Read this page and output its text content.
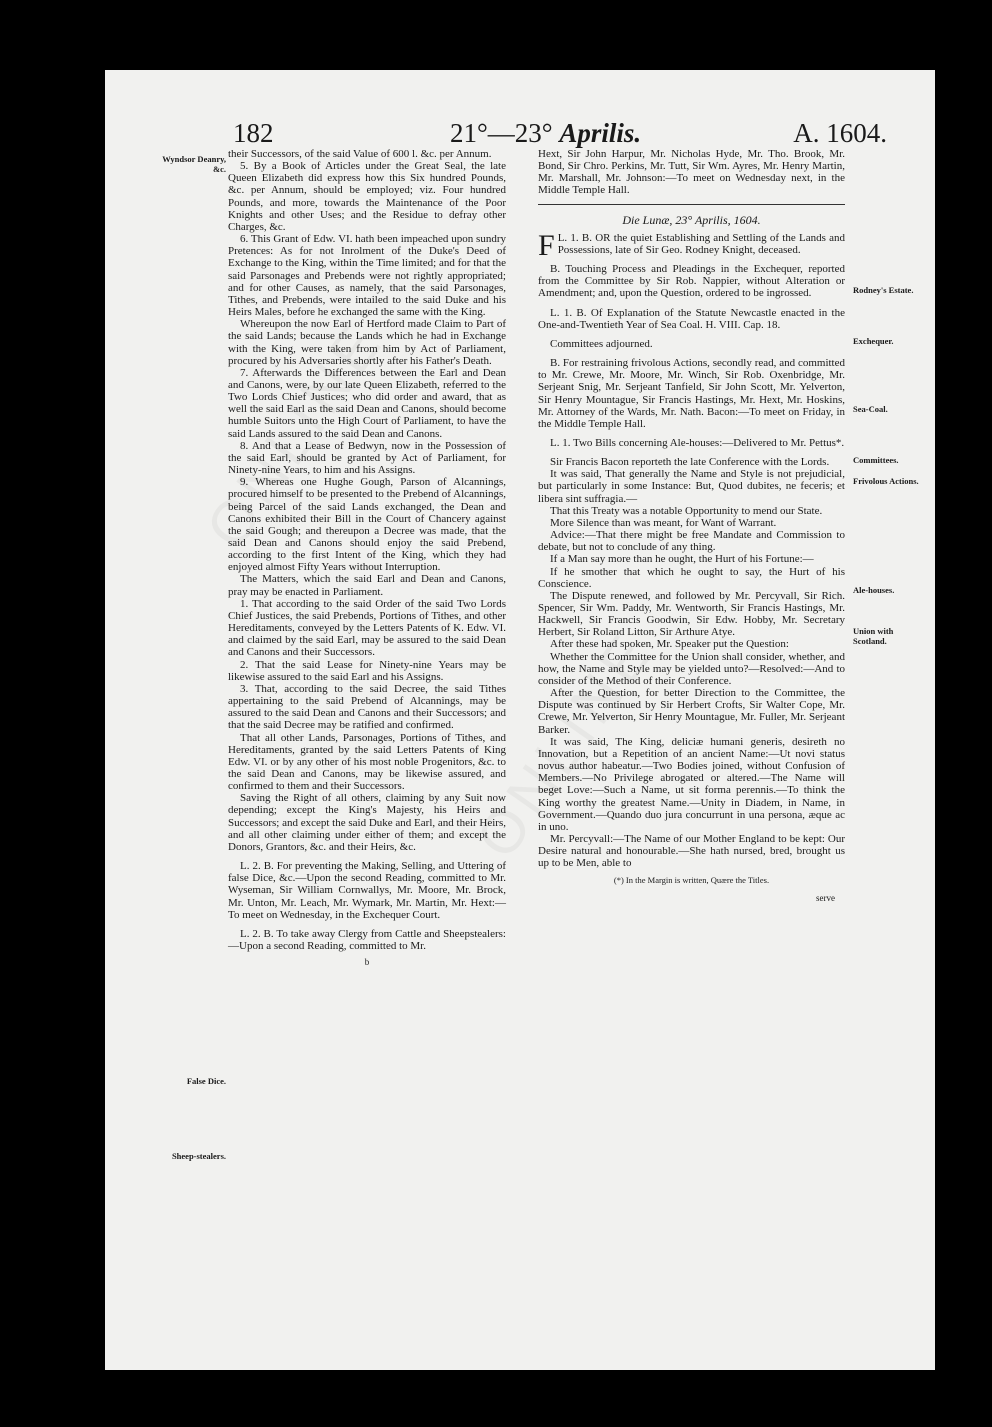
182	21°—23° Aprilis.	A. 1604.
Wyndsor Deanry, &c.
False Dice.
Sheep-stealers.
Rodney's Estate.
Exchequer.
Sea-Coal.
Committees.
Frivolous Actions.
Ale-houses.
Union with Scotland.

their Successors, of the said Value of 600 l. &c. per Annum.

5. By a Book of Articles under the Great Seal, the late Queen Elizabeth did express how this Six hundred Pounds, &c. per Annum, should be employed; viz. Four hundred Pounds, and more, towards the Maintenance of the Poor Knights and other Uses; and the Residue to defray other Charges, &c.

6. This Grant of Edw. VI. hath been impeached upon sundry Pretences: As for not Inrolment of the Duke's Deed of Exchange to the King, within the Time limited; and for that the said Parsonages and Prebends were not rightly appropriated; and for other Causes, as namely, that the said Parsonages, Tithes, and Prebends, were intailed to the said Duke and his Heirs Males, before he exchanged the same with the King.

Whereupon the now Earl of Hertford made Claim to Part of the said Lands; because the Lands which he had in Exchange with the King, were taken from him by Act of Parliament, procured by his Adversaries shortly after his Father's Death.

7. Afterwards the Differences between the Earl and Dean and Canons, were, by our late Queen Elizabeth, referred to the Two Lords Chief Justices; who did order and award, that as well the said Earl as the said Dean and Canons, should become humble Suitors unto the High Court of Parliament, to have the said Lands assured to the said Dean and Canons.

8. And that a Lease of Bedwyn, now in the Possession of the said Earl, should be granted by Act of Parliament, for Ninety-nine Years, to him and his Assigns.

9. Whereas one Hughe Gough, Parson of Alcannings, procured himself to be presented to the Prebend of Alcannings, being Parcel of the said Lands exchanged, the Dean and Canons exhibited their Bill in the Court of Chancery against the said Gough; and thereupon a Decree was made, that the said Dean and Canons should enjoy the said Prebend, according to the first Intent of the King, which they had enjoyed almost Fifty Years without Interruption.

The Matters, which the said Earl and Dean and Canons, pray may be enacted in Parliament.

1. That according to the said Order of the said Two Lords Chief Justices, the said Prebends, Portions of Tithes, and other Hereditaments, conveyed by the Letters Patents of K. Edw. VI. and claimed by the said Earl, may be assured to the said Dean and Canons and their Successors.

2. That the said Lease for Ninety-nine Years may be likewise assured to the said Earl and his Assigns.

3. That, according to the said Decree, the said Tithes appertaining to the said Prebend of Alcannings, may be assured to the said Dean and Canons and their Successors; and that the said Decree may be ratified and confirmed.

That all other Lands, Parsonages, Portions of Tithes, and Hereditaments, granted by the said Letters Patents of King Edw. VI. or by any other of his most noble Progenitors, &c. to the said Dean and Canons, may be likewise assured, and confirmed to them and their Successors.

Saving the Right of all others, claiming by any Suit now depending; except the King's Majesty, his Heirs and Successors; and except the said Duke and Earl, and their Heirs, and all other claiming under either of them; and except the Donors, Grantors, &c. and their Heirs, &c.

L. 2. B. For preventing the Making, Selling, and Uttering of false Dice, &c.—Upon the second Reading, committed to Mr. Wyseman, Sir William Cornwallys, Mr. Moore, Mr. Brock, Mr. Unton, Mr. Leach, Mr. Wymark, Mr. Martin, Mr. Hext:—To meet on Wednesday, in the Exchequer Court.

L. 2. B. To take away Clergy from Cattle and Sheepstealers:—Upon a second Reading, committed to Mr.

b

Hext, Sir John Harpur, Mr. Nicholas Hyde, Mr. Tho. Brook, Mr. Bond, Sir Chro. Perkins, Mr. Tutt, Sir Wm. Ayres, Mr. Henry Martin, Mr. Marshall, Mr. Johnson:—To meet on Wednesday next, in the Middle Temple Hall.

Die Lunæ, 23° Aprilis, 1604.

L. 1. B.
F	OR the quiet Establishing and Settling of the Lands and Possessions, late of Sir Geo. Rodney Knight, deceased.

B. Touching Process and Pleadings in the Exchequer, reported from the Committee by Sir Rob. Nappier, without Alteration or Amendment; and, upon the Question, ordered to be ingrossed.

L. 1. B. Of Explanation of the Statute Newcastle enacted in the One-and-Twentieth Year of Sea Coal. H. VIII. Cap. 18.

Committees adjourned.

B. For restraining frivolous Actions, secondly read, and committed to Mr. Crewe, Mr. Moore, Mr. Winch, Sir Rob. Oxenbridge, Mr. Serjeant Snig, Mr. Serjeant Tanfield, Sir John Scott, Mr. Yelverton, Sir Henry Mountague, Sir Francis Hastings, Mr. Hext, Mr. Hoskins, Mr. Attorney of the Wards, Mr. Nath. Bacon:—To meet on Friday, in the Middle Temple Hall.

L. 1. Two Bills concerning Ale-houses:—Delivered to Mr. Pettus*.

Sir Francis Bacon reporteth the late Conference with the Lords.

It was said, That generally the Name and Style is not prejudicial, but particularly in some Instance: But, Quod dubites, ne feceris; et libera sint suffragia.—

That this Treaty was a notable Opportunity to mend our State.

More Silence than was meant, for Want of Warrant.

Advice:—That there might be free Mandate and Commission to debate, but not to conclude of any thing.

If a Man say more than he ought, the Hurt of his Fortune:—

If he smother that which he ought to say, the Hurt of his Conscience.

The Dispute renewed, and followed by Mr. Percyvall, Sir Rich. Spencer, Sir Wm. Paddy, Mr. Wentworth, Sir Francis Hastings, Mr. Hackwell, Sir Francis Goodwin, Sir Edw. Hobby, Mr. Secretary Herbert, Sir Roland Litton, Sir Arthure Atye.

After these had spoken, Mr. Speaker put the Question:

Whether the Committee for the Union shall consider, whether, and how, the Name and Style may be yielded unto?—Resolved:—And to consider of the Method of their Conference.

After the Question, for better Direction to the Committee, the Dispute was continued by Sir Herbert Crofts, Sir Walter Cope, Mr. Crewe, Mr. Yelverton, Sir Henry Mountague, Mr. Fuller, Mr. Serjeant Barker.

It was said, The King, deliciæ humani generis, desireth no Innovation, but a Repetition of an ancient Name:—Ut novi status novus author habeatur.—Two Bodies joined, without Confusion of Members.—No Privilege abrogated or altered.—The Name will beget Love:—Such a Name, ut sit forma perennis.—To think the King worthy the greatest Name.—Unity in Diadem, in Name, in Government.—Quando duo jura concurrunt in una persona, æque ac in uno.

Mr. Percyvall:—The Name of our Mother England to be kept: Our Desire natural and honourable.—She hath nursed, bred, brought us up to be Men, able to

(*) In the Margin is written, Quære the Titles.
serve
